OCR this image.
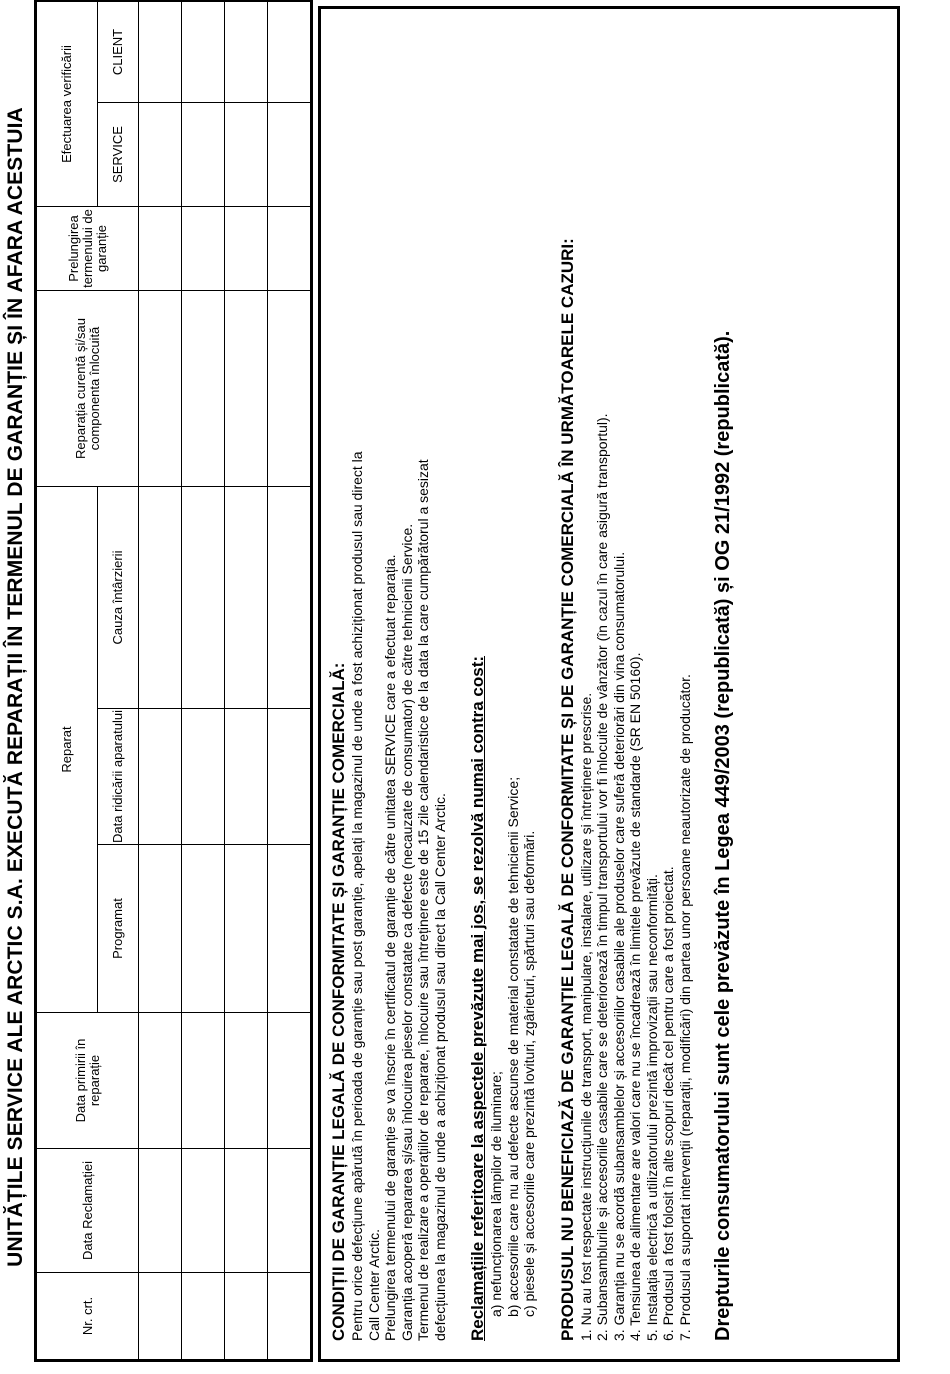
UNITĂȚILE SERVICE ALE ARCTIC S.A. EXECUTĂ REPARAȚII ÎN TERMENUL DE GARANȚIE ȘI ÎN AFARA ACESTUIA
Nr. crt.	Data Reclamației	Data primirii în reparație	Reparat			Reparația curentă și/sau componenta înlocuită	Prelungirea termenului de garanție	Efectuarea verificării	
			Programat	Data ridicării aparatului	Cauza întârzierii			SERVICE	CLIENT

CONDIȚII DE GARANȚIE LEGALĂ DE CONFORMITATE ȘI GARANȚIE COMERCIALĂ: Pentru orice defecțiune apărută în perioada de garanție sau post garanție, apelați la magazinul de unde a fost achiziționat produsul sau direct la Call Center Arctic. Prelungirea termenului de garanție se va înscrie în certificatul de garanție de către unitatea SERVICE care a efectuat reparația. Garanția acoperă repararea și/sau înlocuirea pieselor constatate ca defecte (necauzate de consumator) de către tehnicienii Service. Termenul de realizare a operațiilor de reparare, înlocuire sau întreținere este de 15 zile calendaristice de la data la care cumpărătorul a sesizat defecțiunea la magazinul de unde a achiziționat produsul sau direct la Call Center Arctic. Reclamațiile referitoare la aspectele prevăzute mai jos, se rezolvă numai contra cost: a) nefuncționarea lămpilor de iluminare; b) accesoriile care nu au defecte ascunse de material constatate de tehnicienii Service; c) piesele și accesoriile care prezintă lovituri, zgârieturi, spărturi sau deformări. PRODUSUL NU BENEFICIAZĂ DE GARANȚIE LEGALĂ DE CONFORMITATE ȘI DE GARANȚIE COMERCIALĂ ÎN URMĂTOARELE CAZURI: 1. Nu au fost respectate instrucțiunile de transport, manipulare, instalare, utilizare și întreținere prescrise. 2. Subansamblurile și accesoriile casabile care se deteriorează în timpul transportului vor fi înlocuite de vânzător (în cazul în care asigură transportul). 3. Garanția nu se acordă subansamblelor și accesoriilor casabile ale produselor care suferă deteriorări din vina consumatorului. 4. Tensiunea de alimentare are valori care nu se încadrează în limitele prevăzute de standarde (SR EN 50160). 5. Instalația electrică a utilizatorului prezintă improvizații sau neconformități. 6. Produsul a fost folosit în alte scopuri decât cel pentru care a fost proiectat. 7. Produsul a suportat intervenții (reparații, modificări) din partea unor persoane neautorizate de producător. Drepturile consumatorului sunt cele prevăzute în Legea 449/2003 (republicată) și OG 21/1992 (republicată).
